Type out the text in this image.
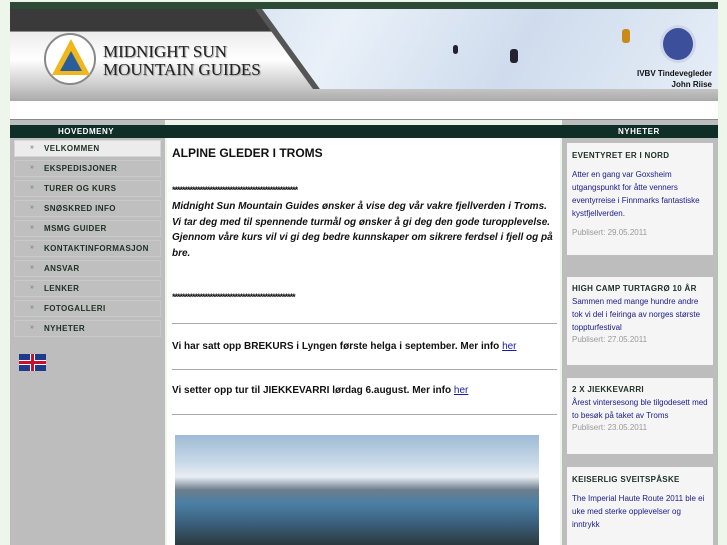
MIDNIGHT SUN
MOUNTAIN GUIDES	IVBV Tindevegleder
John Riise
HOVEDMENY	NYHETER
» VELKOMMEN
» EKSPEDISJONER
» TURER OG KURS
» SNØSKRED INFO
» MSMG GUIDER
» KONTAKTINFORMASJON
» ANSVAR
» LENKER
» FOTOGALLERI
» NYHETER
ALPINE GLEDER I TROMS
**************************************************
Midnight Sun Mountain Guides ønsker å vise deg vår vakre fjellverden i Troms.
Vi tar deg med til spennende turmål og ønsker å gi deg den gode turopplevelse.
Gjennom våre kurs vil vi gi deg bedre kunnskaper om sikrere ferdsel i fjell og på bre.
*************************************************
Vi har satt opp BREKURS i Lyngen første helga i september. Mer info her
Vi setter opp tur til JIEKKEVARRI lørdag 6.august. Mer info her
EVENTYRET ER I NORD
Atter en gang var Goxsheim utgangspunkt for åtte venners eventyrreise i Finnmarks fantastiske kystfjellverden.
Publisert: 29.05.2011
HIGH CAMP TURTAGRØ 10 ÅR
Sammen med mange hundre andre tok vi del i feiringa av norges største toppturfestival
Publisert: 27.05.2011
2 X JIEKKEVARRI
Årest vintersesong ble tilgodesett med to besøk på taket av Troms
Publisert: 23.05.2011
KEISERLIG SVEITSPÅSKE
The Imperial Haute Route 2011 ble ei uke med sterke opplevelser og inntrykk
